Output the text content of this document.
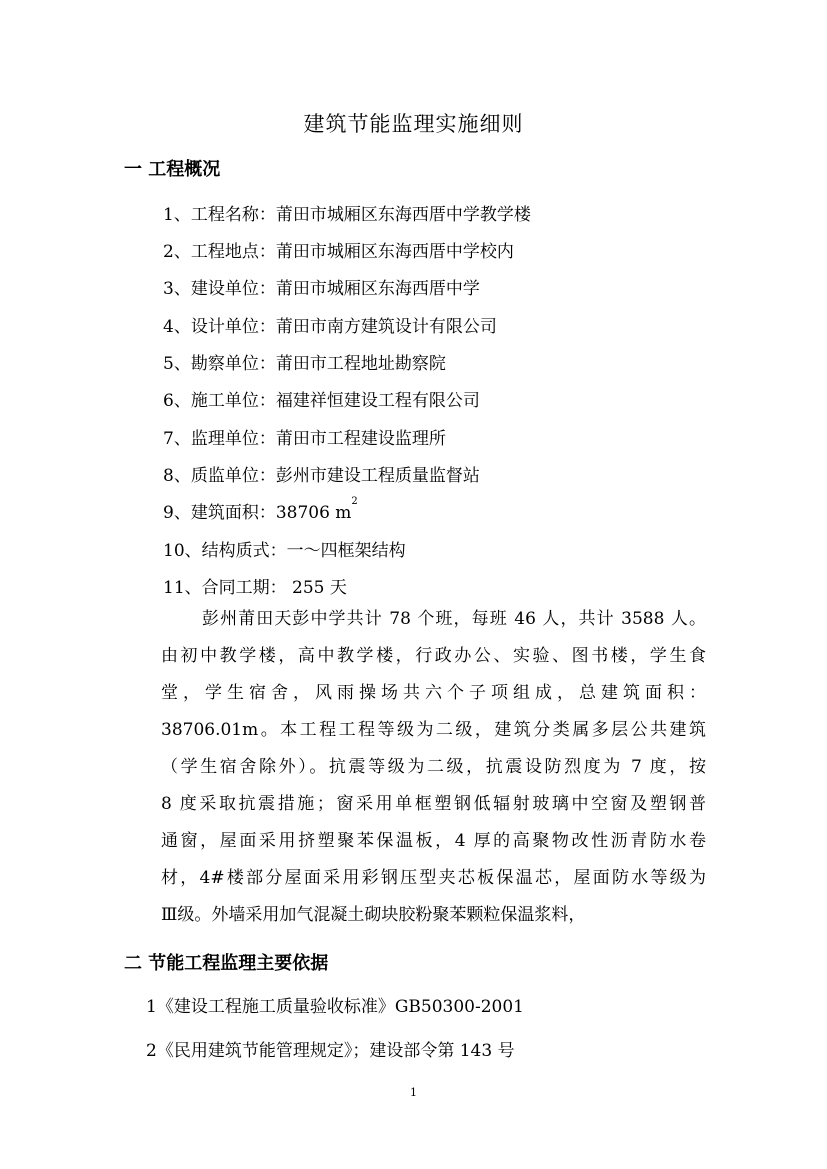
建筑节能监理实施细则
一 工程概况
1、工程名称：莆田市城厢区东海西厝中学教学楼
2、工程地点：莆田市城厢区东海西厝中学校内
3、建设单位：莆田市城厢区东海西厝中学
4、设计单位：莆田市南方建筑设计有限公司
5、勘察单位：莆田市工程地址勘察院
6、施工单位：福建祥恒建设工程有限公司
7、监理单位：莆田市工程建设监理所
8、质监单位：彭州市建设工程质量监督站
9、建筑面积：38706 $m^2$
10、结构质式：一～四框架结构
11、合同工期： 255 天
彭州莆田天彭中学共计 78 个班，每班 46 人，共计 3588 人。
由初中教学楼，高中教学楼，行政办公、实验、图书楼，学生食
堂，学生宿舍，风雨操场共六个子项组成，总建筑面积：
38706.01m。本工程工程等级为二级，建筑分类属多层公共建筑
（学生宿舍除外）。抗震等级为二级，抗震设防烈度为 7 度，按
8 度采取抗震措施；窗采用单框塑钢低辐射玻璃中空窗及塑钢普
通窗，屋面采用挤塑聚苯保温板，4 厚的高聚物改性沥青防水卷
材，4#楼部分屋面采用彩钢压型夹芯板保温芯，屋面防水等级为
Ⅲ级。外墙采用加气混凝土砌块胶粉聚苯颗粒保温浆料，
二 节能工程监理主要依据
1《建设工程施工质量验收标准》GB50300-2001
2《民用建筑节能管理规定》；建设部令第 143 号
1
